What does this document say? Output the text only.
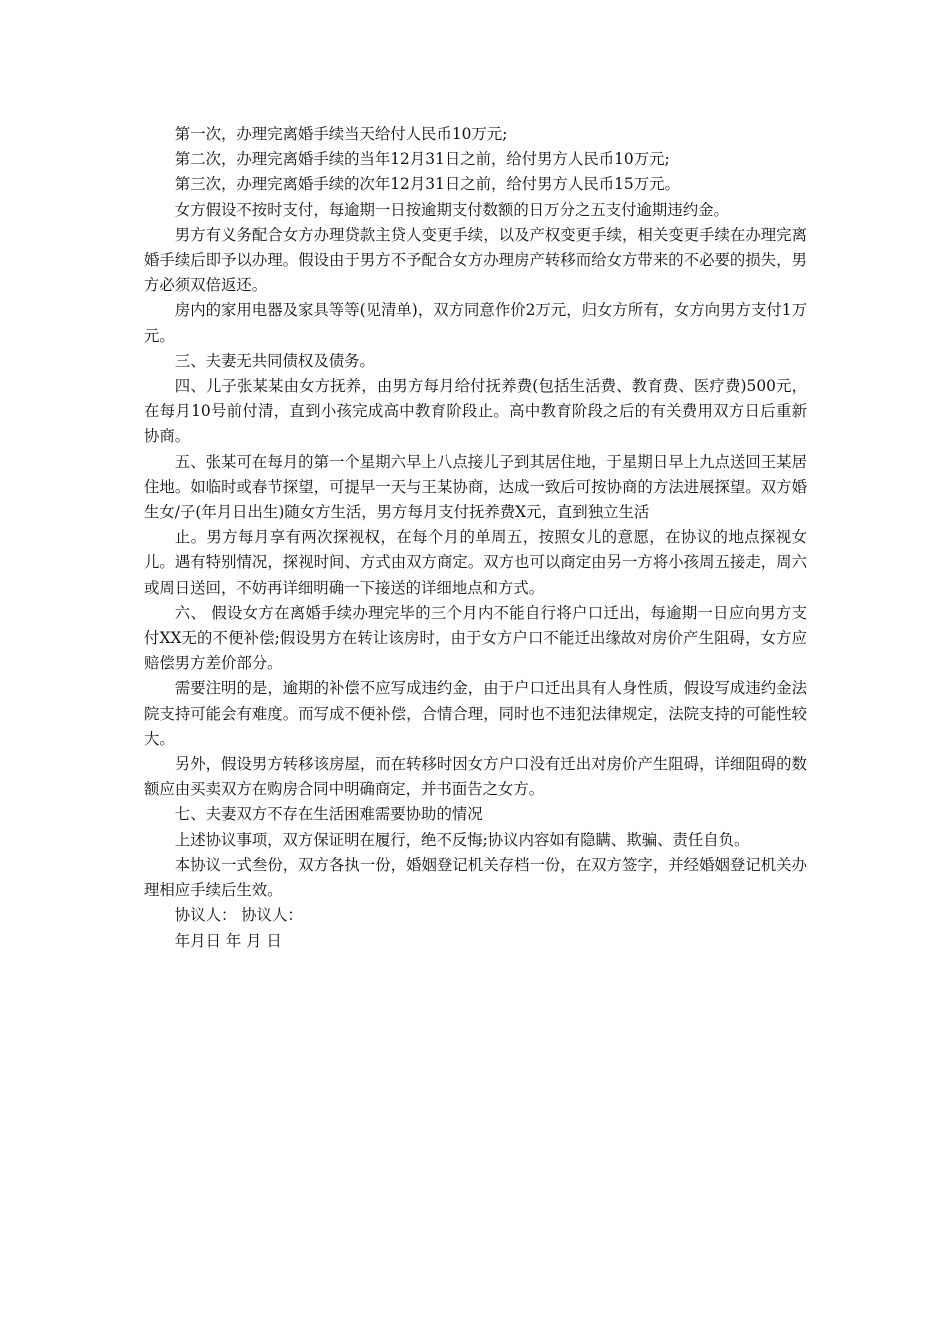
第一次，办理完离婚手续当天给付人民币10万元;

第二次，办理完离婚手续的当年12月31日之前，给付男方人民币10万元;

第三次，办理完离婚手续的次年12月31日之前，给付男方人民币15万元。

女方假设不按时支付，每逾期一日按逾期支付数额的日万分之五支付逾期违约金。

男方有义务配合女方办理贷款主贷人变更手续，以及产权变更手续，相关变更手续在办理完离婚手续后即予以办理。假设由于男方不予配合女方办理房产转移而给女方带来的不必要的损失，男方必须双倍返还。

房内的家用电器及家具等等(见清单)，双方同意作价2万元，归女方所有，女方向男方支付1万元。

三、夫妻无共同债权及债务。

四、儿子张某某由女方抚养，由男方每月给付抚养费(包括生活费、教育费、医疗费)500元，在每月10号前付清，直到小孩完成高中教育阶段止。高中教育阶段之后的有关费用双方日后重新协商。

五、张某可在每月的第一个星期六早上八点接儿子到其居住地，于星期日早上九点送回王某居住地。如临时或春节探望，可提早一天与王某协商，达成一致后可按协商的方法进展探望。双方婚生女/子(年月日出生)随女方生活，男方每月支付抚养费X元，直到独立生活

止。男方每月享有两次探视权，在每个月的单周五，按照女儿的意愿，在协议的地点探视女儿。遇有特别情况，探视时间、方式由双方商定。双方也可以商定由另一方将小孩周五接走，周六或周日送回，不妨再详细明确一下接送的详细地点和方式。

六、 假设女方在离婚手续办理完毕的三个月内不能自行将户口迁出，每逾期一日应向男方支付XX无的不便补偿;假设男方在转让该房时，由于女方户口不能迁出缘故对房价产生阻碍，女方应赔偿男方差价部分。

需要注明的是，逾期的补偿不应写成违约金，由于户口迁出具有人身性质，假设写成违约金法院支持可能会有难度。而写成不便补偿，合情合理，同时也不违犯法律规定，法院支持的可能性较大。

另外，假设男方转移该房屋，而在转移时因女方户口没有迁出对房价产生阻碍，详细阻碍的数额应由买卖双方在购房合同中明确商定，并书面告之女方。

七、夫妻双方不存在生活困难需要协助的情况

上述协议事项，双方保证明在履行，绝不反悔;协议内容如有隐瞒、欺骗、责任自负。

本协议一式叁份，双方各执一份，婚姻登记机关存档一份，在双方签字，并经婚姻登记机关办理相应手续后生效。

协议人： 协议人：

年月日 年 月 日
